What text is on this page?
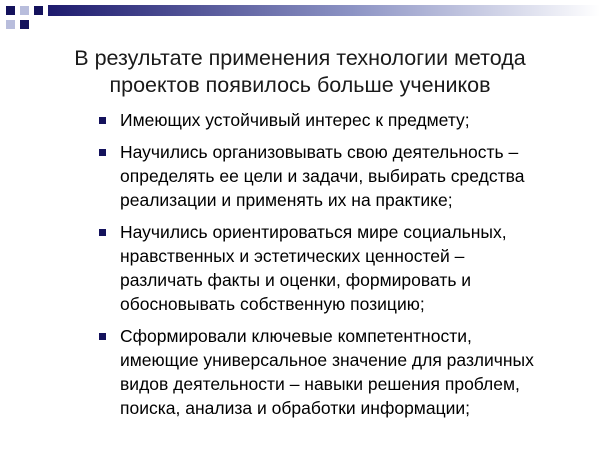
В результате применения технологии метода
проектов появилось больше учеников
Имеющих устойчивый интерес к предмету;
Научились организовывать свою деятельность –
определять ее цели и задачи, выбирать средства
реализации и применять их на практике;
Научились ориентироваться мире социальных,
нравственных и эстетических ценностей –
различать факты и оценки, формировать и
обосновывать собственную позицию;
Сформировали ключевые компетентности,
имеющие универсальное значение для различных
видов деятельности – навыки решения проблем,
поиска, анализа и обработки информации;
